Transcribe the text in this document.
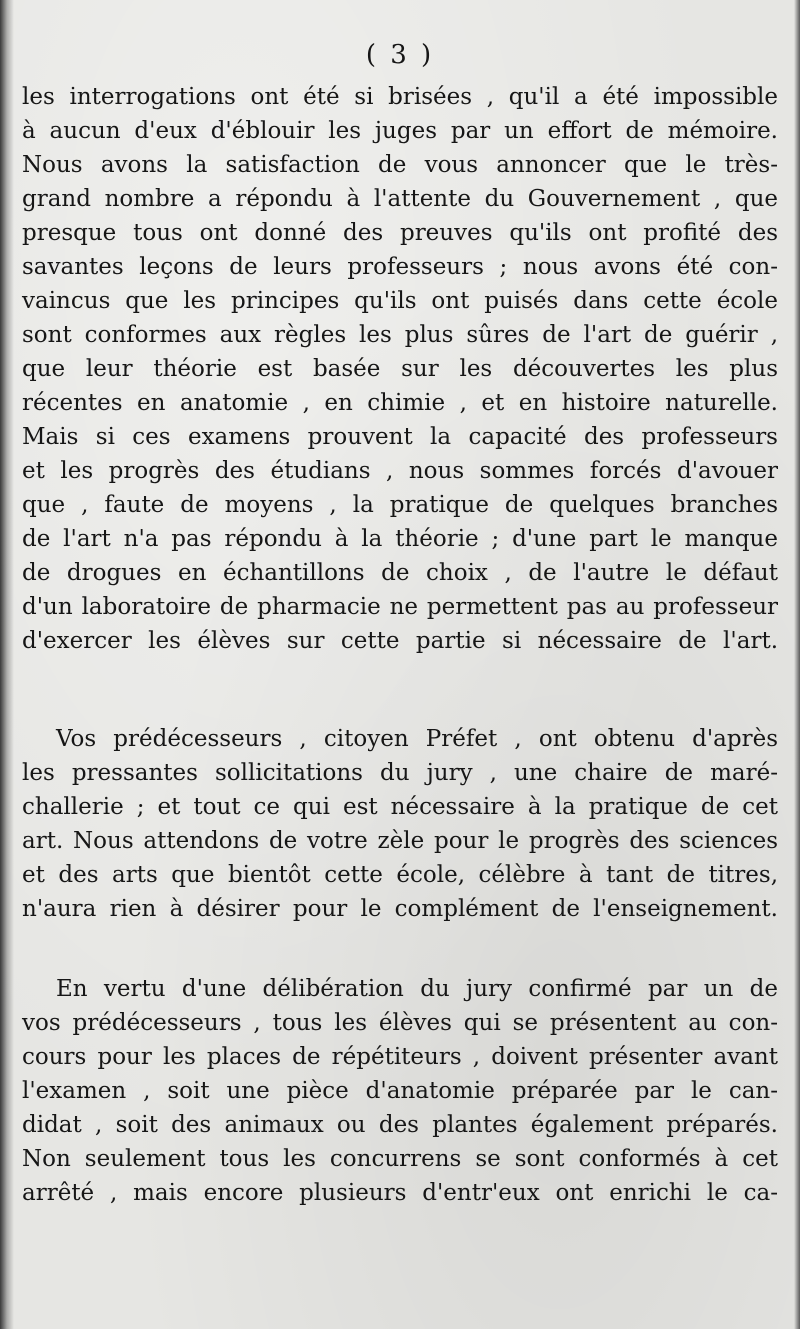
( 3 )
les interrogations ont été si brisées , qu'il a été impossible
à aucun d'eux d'éblouir les juges par un effort de mémoire.
Nous avons la satisfaction de vous annoncer que le très-
grand nombre a répondu à l'attente du Gouvernement , que
presque tous ont donné des preuves qu'ils ont profité des
savantes leçons de leurs professeurs ; nous avons été con-
vaincus que les principes qu'ils ont puisés dans cette école
sont conformes aux règles les plus sûres de l'art de guérir ,
que leur théorie est basée sur les découvertes les plus
récentes en anatomie , en chimie , et en histoire naturelle.
Mais si ces examens prouvent la capacité des professeurs
et les progrès des étudians , nous sommes forcés d'avouer
que , faute de moyens , la pratique de quelques branches
de l'art n'a pas répondu à la théorie ; d'une part le manque
de drogues en échantillons de choix , de l'autre le défaut
d'un laboratoire de pharmacie ne permettent pas au professeur
d'exercer les élèves sur cette partie si nécessaire de l'art.
Vos prédécesseurs , citoyen Préfet , ont obtenu d'après
les pressantes sollicitations du jury , une chaire de maré-
challerie ; et tout ce qui est nécessaire à la pratique de cet
art. Nous attendons de votre zèle pour le progrès des sciences
et des arts que bientôt cette école, célèbre à tant de titres,
n'aura rien à désirer pour le complément de l'enseignement.
En vertu d'une délibération du jury confirmé par un de
vos prédécesseurs , tous les élèves qui se présentent au con-
cours pour les places de répétiteurs , doivent présenter avant
l'examen , soit une pièce d'anatomie préparée par le can-
didat , soit des animaux ou des plantes également préparés.
Non seulement tous les concurrens se sont conformés à cet
arrêté , mais encore plusieurs d'entr'eux ont enrichi le ca-
